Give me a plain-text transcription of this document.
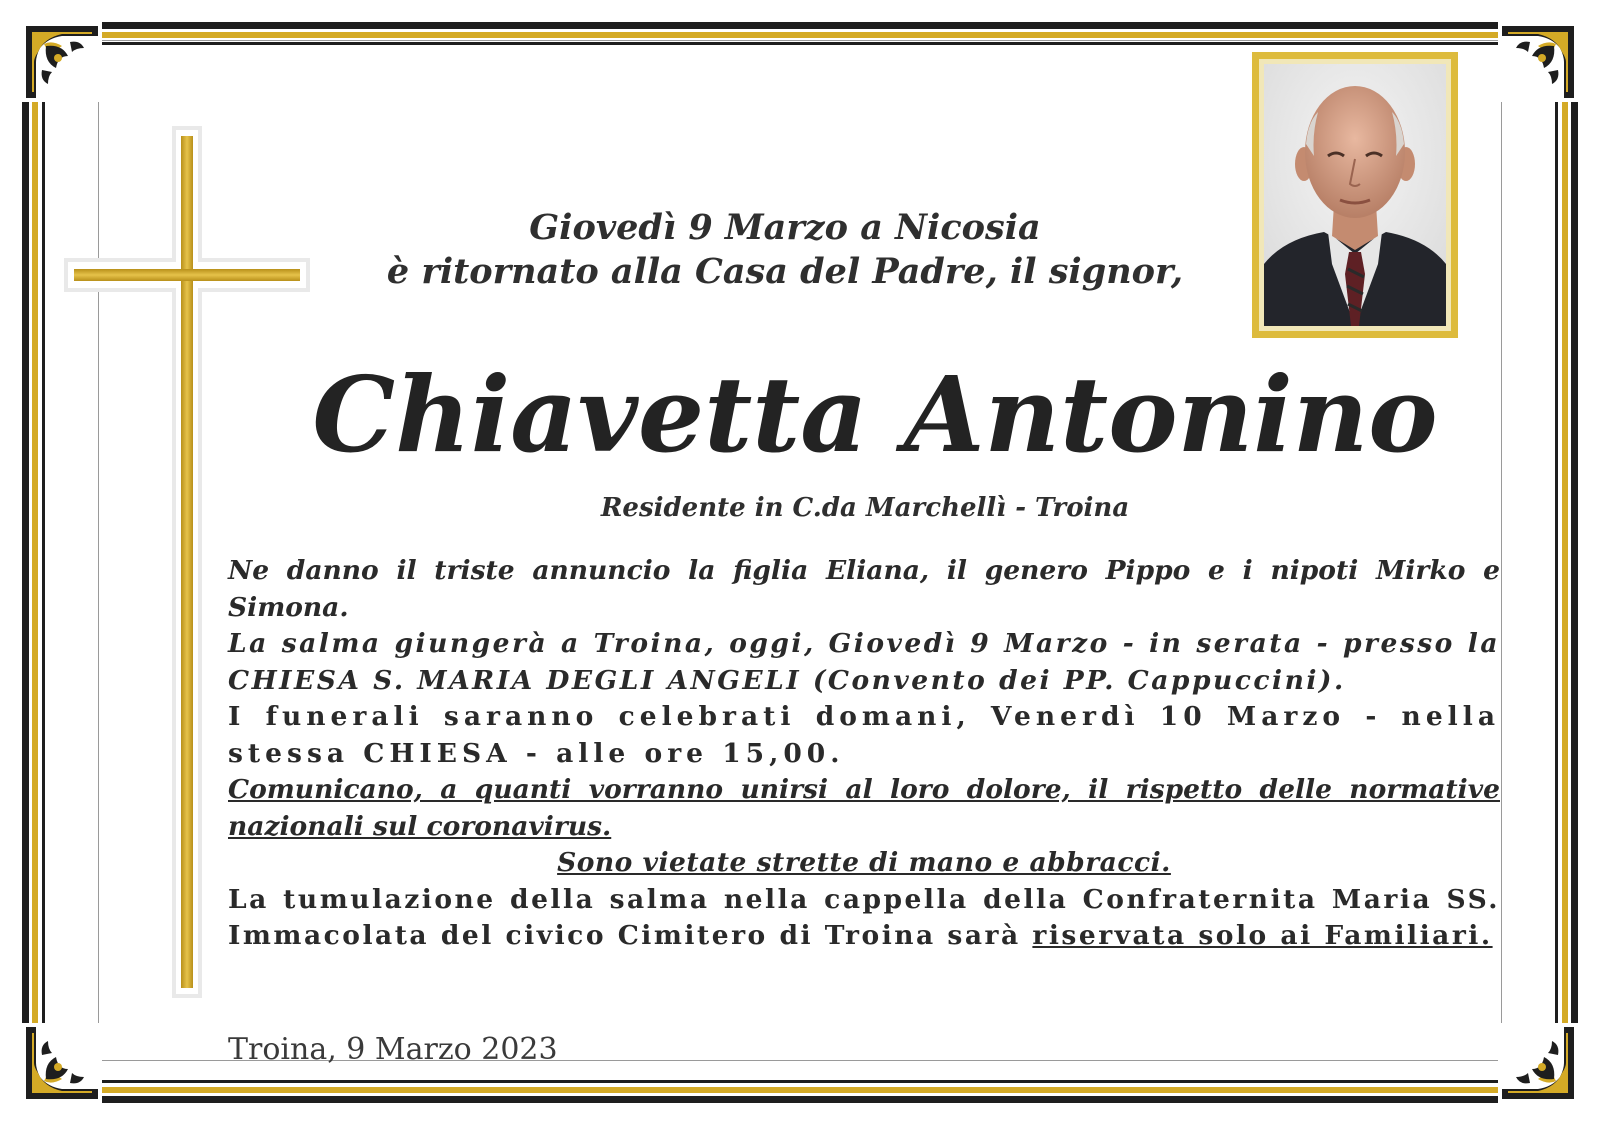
Giovedì 9 Marzo a Nicosia
è ritornato alla Casa del Padre, il signor,
Chiavetta Antonino
Residente in C.da Marchellì - Troina

Ne danno il triste annuncio la figlia Eliana, il genero Pippo e i nipoti Mirko e Simona.

La salma giungerà a Troina, oggi, Giovedì 9 Marzo - in serata - presso la CHIESA S. MARIA DEGLI ANGELI (Convento dei PP. Cappuccini).

I funerali saranno celebrati domani, Venerdì 10 Marzo - nella stessa CHIESA - alle ore 15,00.

Comunicano, a quanti vorranno unirsi al loro dolore, il rispetto delle normative nazionali sul coronavirus.

Sono vietate strette di mano e abbracci.

La tumulazione della salma nella cappella della Confraternita Maria SS. Immacolata del civico Cimitero di Troina sarà riservata solo ai Familiari.

Troina, 9 Marzo 2023
